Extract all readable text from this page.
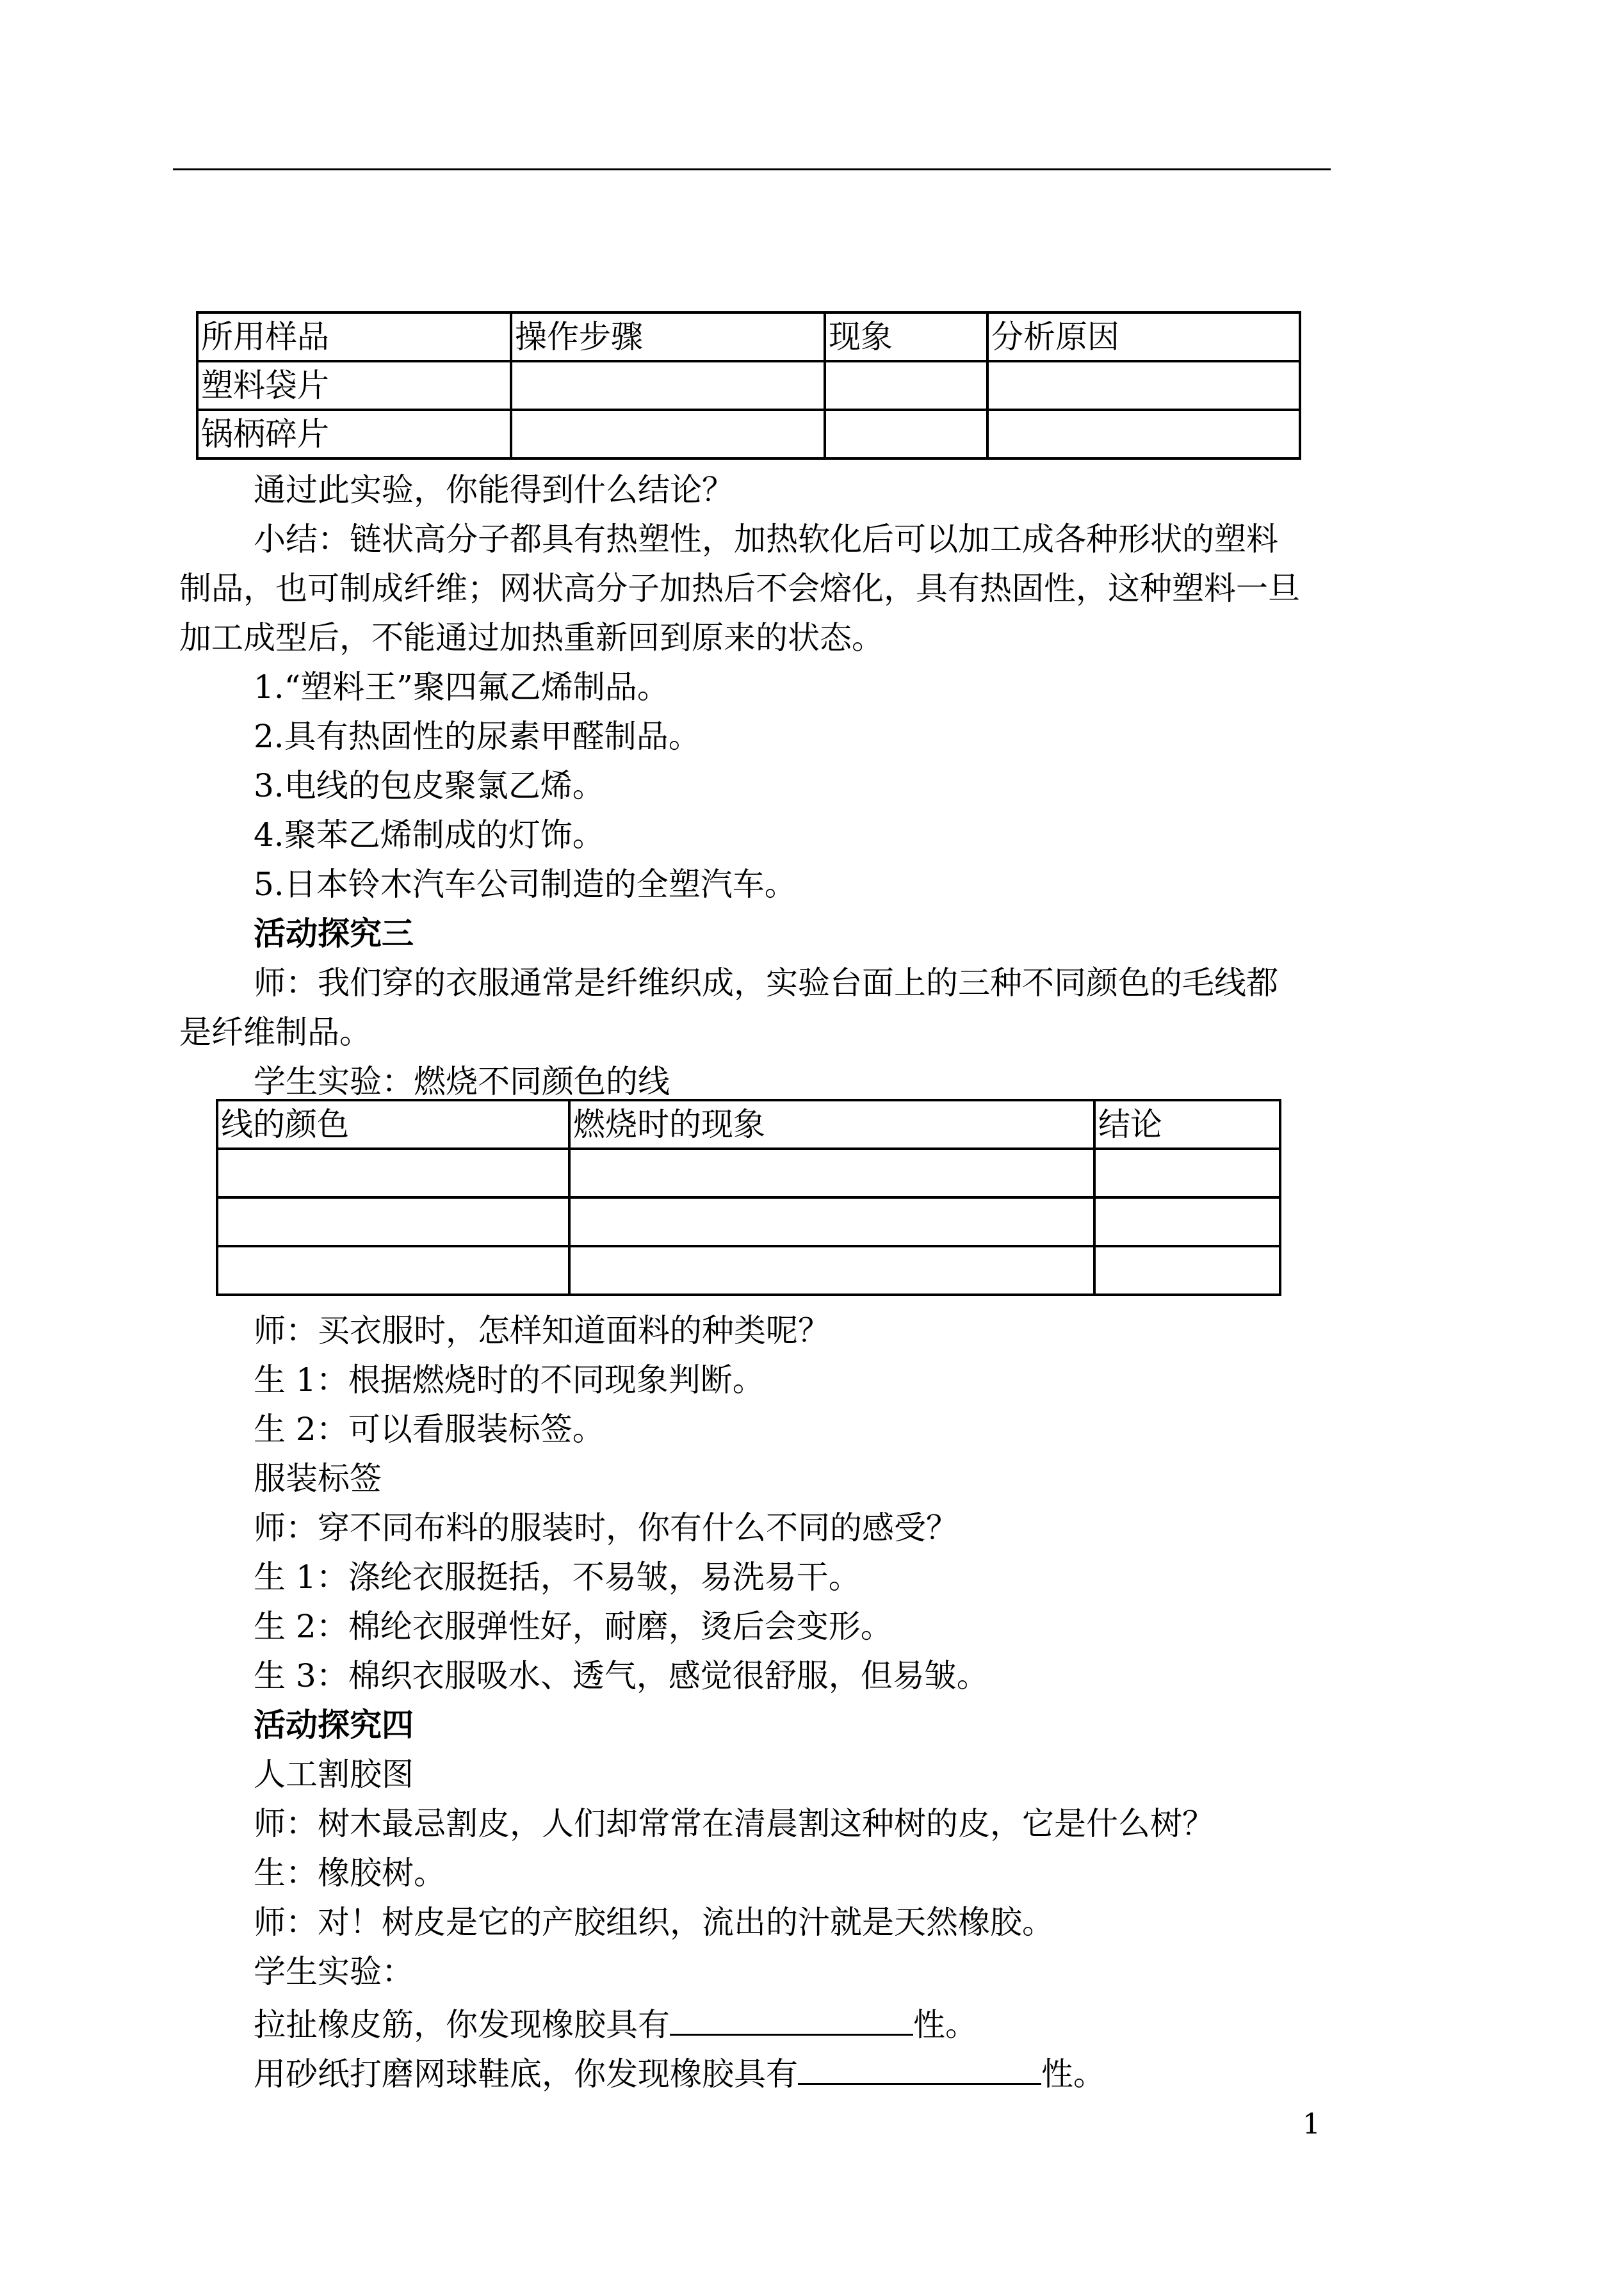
所用样品	操作步骤	现象	分析原因
塑料袋片			
锅柄碎片			
通过此实验，你能得到什么结论？
小结：链状高分子都具有热塑性，加热软化后可以加工成各种形状的塑料
制品，也可制成纤维；网状高分子加热后不会熔化，具有热固性，这种塑料一旦
加工成型后，不能通过加热重新回到原来的状态。
1.“塑料王”聚四氟乙烯制品。
2.具有热固性的尿素甲醛制品。
3.电线的包皮聚氯乙烯。
4.聚苯乙烯制成的灯饰。
5.日本铃木汽车公司制造的全塑汽车。
活动探究三
师：我们穿的衣服通常是纤维织成，实验台面上的三种不同颜色的毛线都
是纤维制品。
学生实验：燃烧不同颜色的线
线的颜色	燃烧时的现象	结论

师：买衣服时，怎样知道面料的种类呢？
生 1：根据燃烧时的不同现象判断。
生 2：可以看服装标签。
服装标签
师：穿不同布料的服装时，你有什么不同的感受？
生 1：涤纶衣服挺括，不易皱，易洗易干。
生 2：棉纶衣服弹性好，耐磨，烫后会变形。
生 3：棉织衣服吸水、透气，感觉很舒服，但易皱。
活动探究四
人工割胶图
师：树木最忌割皮，人们却常常在清晨割这种树的皮，它是什么树？
生：橡胶树。
师：对！树皮是它的产胶组织，流出的汁就是天然橡胶。
学生实验：
拉扯橡皮筋，你发现橡胶具有	性。
用砂纸打磨网球鞋底，你发现橡胶具有	性。
1
